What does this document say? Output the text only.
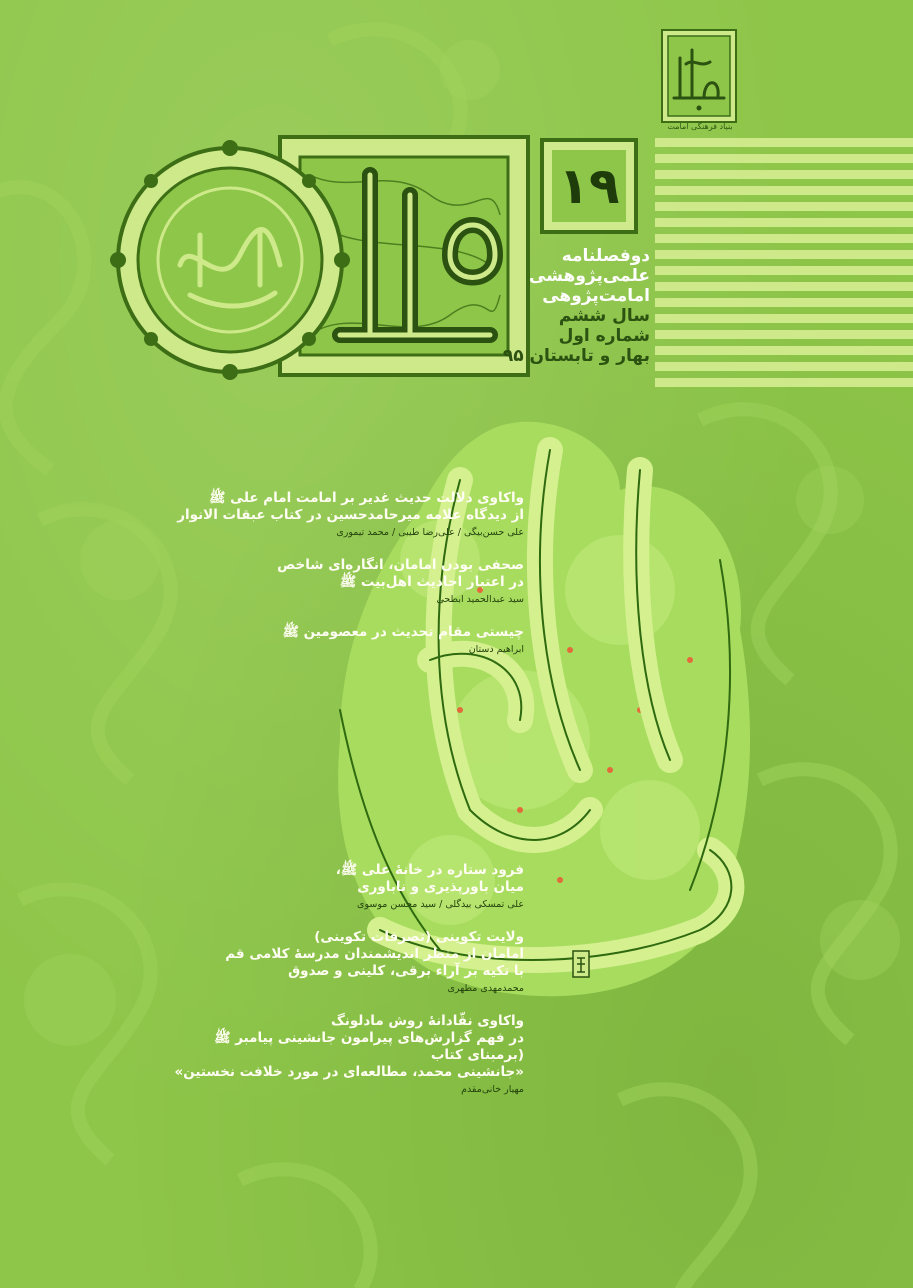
بنیاد فرهنگی امامت
۱۹
دوفصلنامه
علمی‌پژوهشی
امامت‌پژوهی
سال ششم
شماره اول
بهار و تابستان ۹۵
واکاوی دلالت حدیث غدیر بر امامت امام علی ﷺ
از دیدگاه علامه میرحامدحسین در کتاب عبقات الانوار
علی حسن‌بیگی / علی‌رضا طیبی / محمد تیموری
صحفی بودن امامان، انگاره‌ای شاخص
در اعتبار احادیث اهل‌بیت ﷺ
سید عبدالحمید ابطحی
چیستی مقام تحدیث در معصومین ﷺ
ابراهیم دستان
فرود ستاره در خانهٔ علی ﷺ،
میان باورپذیری و ناباوری
علی تمسکی بیدگلی / سید محسن موسوی
ولایت تکوینی (تصرفات تکوینی)
امامان از منظر اندیشمندان مدرسهٔ کلامی قم
با تکیه بر آراء برقی، کلینی و صدوق
محمدمهدی مطهری
واکاوی نقّادانهٔ روش مادلونگ
در فهم گزارش‌های پیرامون جانشینی پیامبر ﷺ
(برمبنای کتاب
«جانشینی محمد، مطالعه‌ای در مورد خلافت نخستین»
مهیار خانی‌مقدم
